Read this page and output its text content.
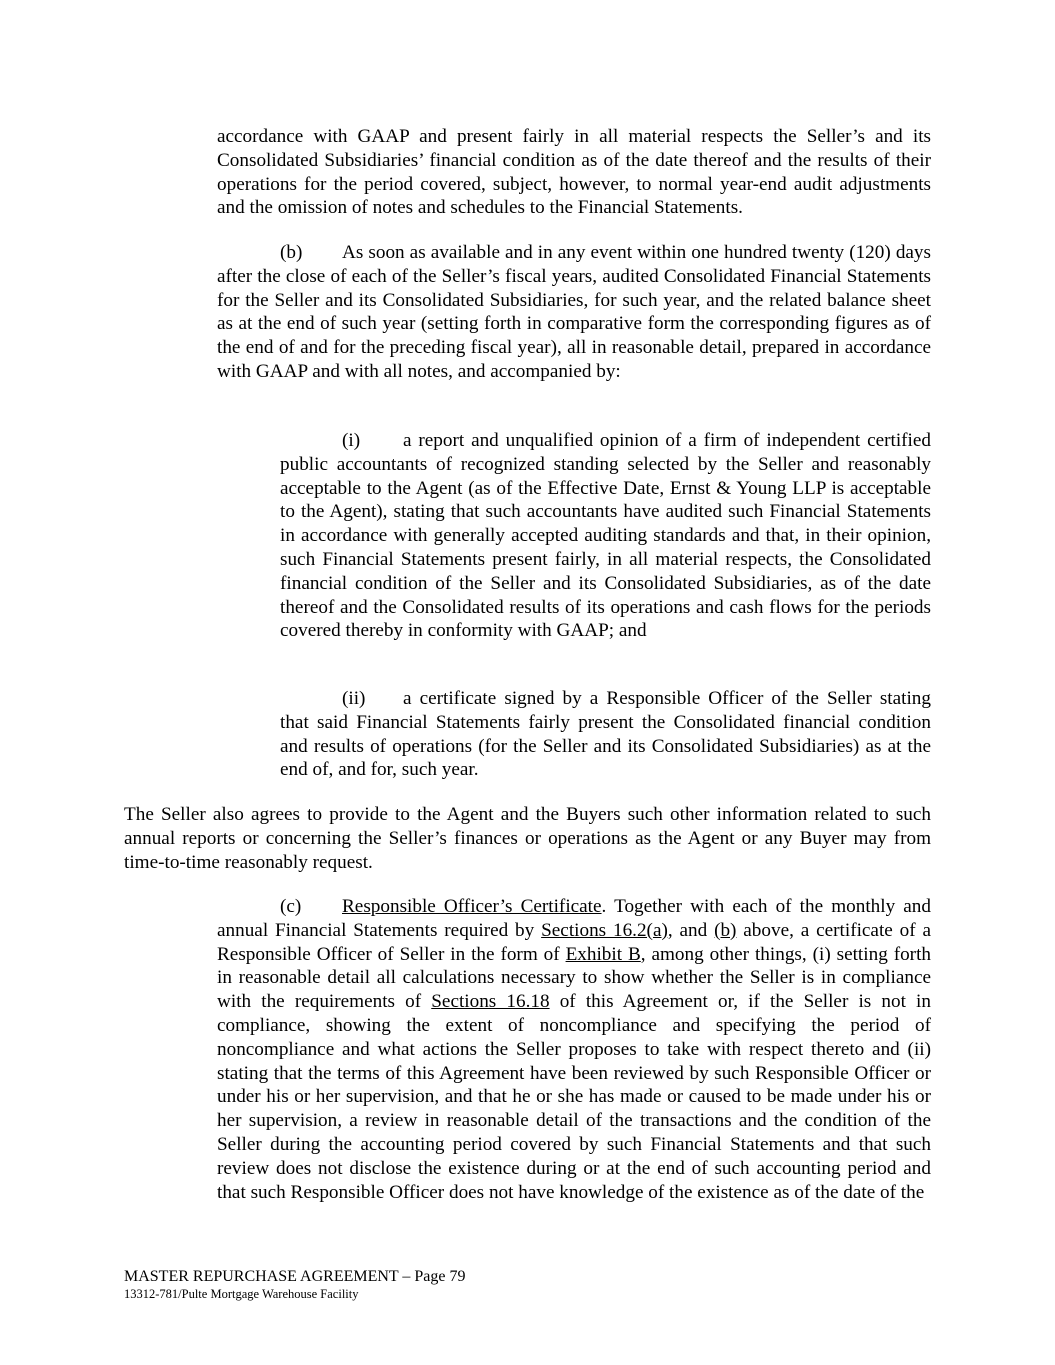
accordance with GAAP and present fairly in all material respects the Seller’s and its Consolidated Subsidiaries’ financial condition as of the date thereof and the results of their operations for the period covered, subject, however, to normal year-end audit adjustments and the omission of notes and schedules to the Financial Statements.

(b) As soon as available and in any event within one hundred twenty (120) days after the close of each of the Seller’s fiscal years, audited Consolidated Financial Statements for the Seller and its Consolidated Subsidiaries, for such year, and the related balance sheet as at the end of such year (setting forth in comparative form the corresponding figures as of the end of and for the preceding fiscal year), all in reasonable detail, prepared in accordance with GAAP and with all notes, and accompanied by:

(i) a report and unqualified opinion of a firm of independent certified public accountants of recognized standing selected by the Seller and reasonably acceptable to the Agent (as of the Effective Date, Ernst & Young LLP is acceptable to the Agent), stating that such accountants have audited such Financial Statements in accordance with generally accepted auditing standards and that, in their opinion, such Financial Statements present fairly, in all material respects, the Consolidated financial condition of the Seller and its Consolidated Subsidiaries, as of the date thereof and the Consolidated results of its operations and cash flows for the periods covered thereby in conformity with GAAP; and

(ii) a certificate signed by a Responsible Officer of the Seller stating that said Financial Statements fairly present the Consolidated financial condition and results of operations (for the Seller and its Consolidated Subsidiaries) as at the end of, and for, such year.

The Seller also agrees to provide to the Agent and the Buyers such other information related to such annual reports or concerning the Seller’s finances or operations as the Agent or any Buyer may from time-to-time reasonably request.

(c) Responsible Officer’s Certificate. Together with each of the monthly and annual Financial Statements required by Sections 16.2(a), and (b) above, a certificate of a Responsible Officer of Seller in the form of Exhibit B, among other things, (i) setting forth in reasonable detail all calculations necessary to show whether the Seller is in compliance with the requirements of Sections 16.18 of this Agreement or, if the Seller is not in compliance, showing the extent of noncompliance and specifying the period of noncompliance and what actions the Seller proposes to take with respect thereto and (ii) stating that the terms of this Agreement have been reviewed by such Responsible Officer or under his or her supervision, and that he or she has made or caused to be made under his or her supervision, a review in reasonable detail of the transactions and the condition of the Seller during the accounting period covered by such Financial Statements and that such review does not disclose the existence during or at the end of such accounting period and that such Responsible Officer does not have knowledge of the existence as of the date of the

MASTER REPURCHASE AGREEMENT – Page 79
13312-781/Pulte Mortgage Warehouse Facility
